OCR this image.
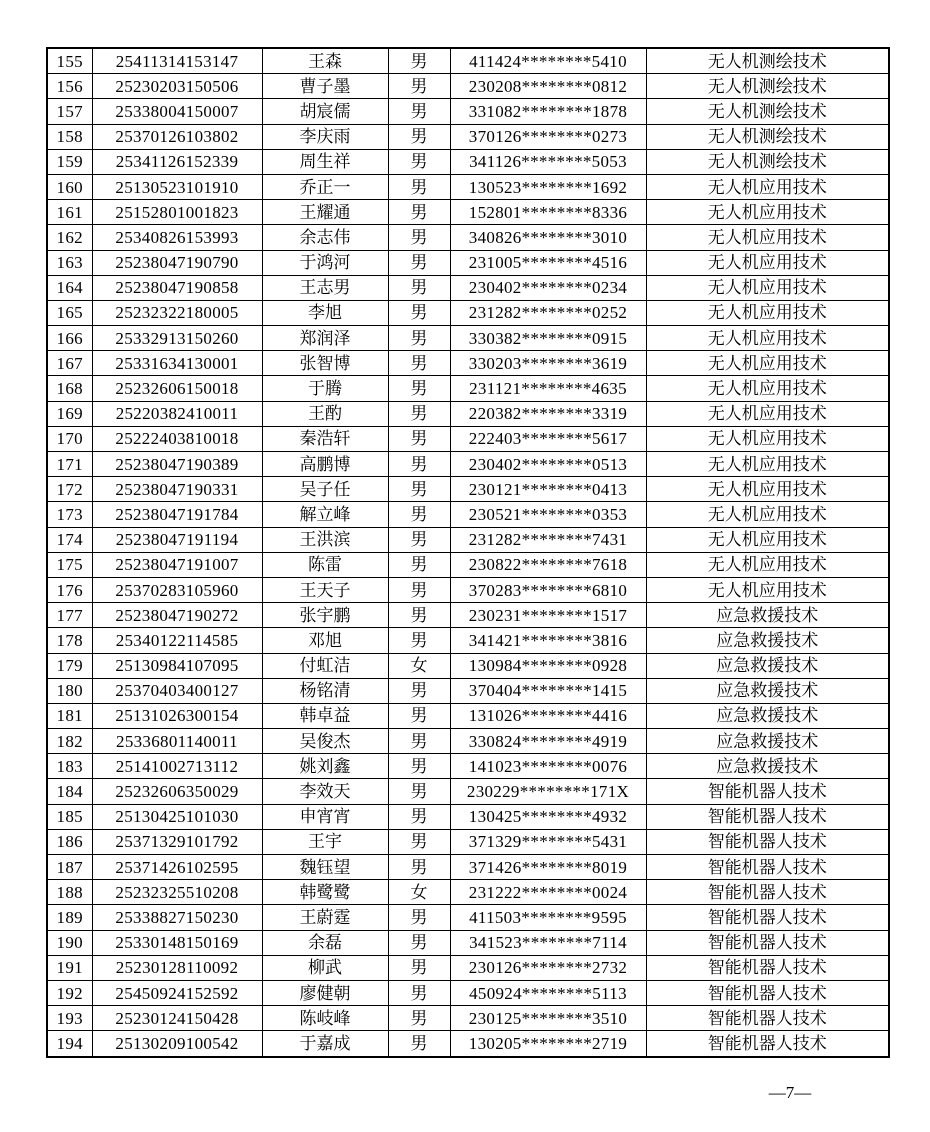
155	25411314153147	王森	男	411424********5410	无人机测绘技术
156	25230203150506	曹子墨	男	230208********0812	无人机测绘技术
157	25338004150007	胡宸儒	男	331082********1878	无人机测绘技术
158	25370126103802	李庆雨	男	370126********0273	无人机测绘技术
159	25341126152339	周生祥	男	341126********5053	无人机测绘技术
160	25130523101910	乔正一	男	130523********1692	无人机应用技术
161	25152801001823	王耀通	男	152801********8336	无人机应用技术
162	25340826153993	余志伟	男	340826********3010	无人机应用技术
163	25238047190790	于鸿河	男	231005********4516	无人机应用技术
164	25238047190858	王志男	男	230402********0234	无人机应用技术
165	25232322180005	李旭	男	231282********0252	无人机应用技术
166	25332913150260	郑润泽	男	330382********0915	无人机应用技术
167	25331634130001	张智博	男	330203********3619	无人机应用技术
168	25232606150018	于腾	男	231121********4635	无人机应用技术
169	25220382410011	王酌	男	220382********3319	无人机应用技术
170	25222403810018	秦浩轩	男	222403********5617	无人机应用技术
171	25238047190389	高鹏博	男	230402********0513	无人机应用技术
172	25238047190331	吴子任	男	230121********0413	无人机应用技术
173	25238047191784	解立峰	男	230521********0353	无人机应用技术
174	25238047191194	王洪滨	男	231282********7431	无人机应用技术
175	25238047191007	陈雷	男	230822********7618	无人机应用技术
176	25370283105960	王天子	男	370283********6810	无人机应用技术
177	25238047190272	张宇鹏	男	230231********1517	应急救援技术
178	25340122114585	邓旭	男	341421********3816	应急救援技术
179	25130984107095	付虹洁	女	130984********0928	应急救援技术
180	25370403400127	杨铭清	男	370404********1415	应急救援技术
181	25131026300154	韩卓益	男	131026********4416	应急救援技术
182	25336801140011	吴俊杰	男	330824********4919	应急救援技术
183	25141002713112	姚刘鑫	男	141023********0076	应急救援技术
184	25232606350029	李效天	男	230229********171X	智能机器人技术
185	25130425101030	申宵宵	男	130425********4932	智能机器人技术
186	25371329101792	王宇	男	371329********5431	智能机器人技术
187	25371426102595	魏钰望	男	371426********8019	智能机器人技术
188	25232325510208	韩鹭鹭	女	231222********0024	智能机器人技术
189	25338827150230	王蔚霆	男	411503********9595	智能机器人技术
190	25330148150169	余磊	男	341523********7114	智能机器人技术
191	25230128110092	柳武	男	230126********2732	智能机器人技术
192	25450924152592	廖健朝	男	450924********5113	智能机器人技术
193	25230124150428	陈岐峰	男	230125********3510	智能机器人技术
194	25130209100542	于嘉成	男	130205********2719	智能机器人技术
—7—
